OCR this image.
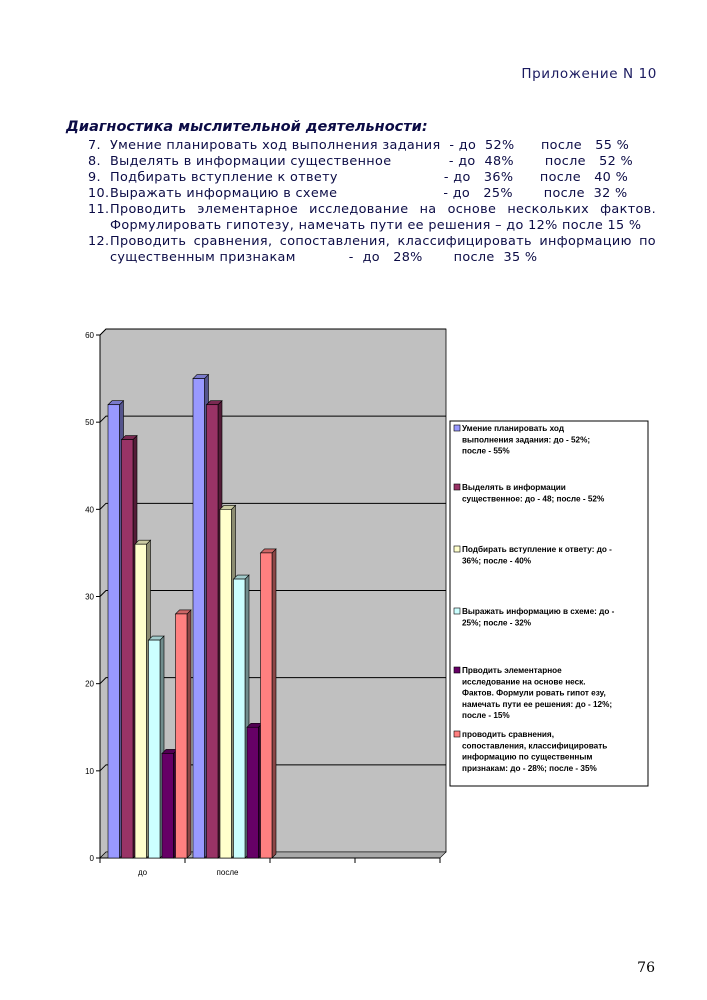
Приложение N 10
Диагностика мыслительной деятельности:
7. Умение планировать ход выполнения задания  - до  52%      после   55 %
8. Выделять в информации существенное             - до  48%       после   52 %
9. Подбирать вступление к ответу                        - до   36%      после   40 %
10. Выражать информацию в схеме                        - до   25%       после  32 %
11. Проводить элементарное исследование на основе нескольких фактов. Формулировать гипотезу, намечать пути ее решения – до 12% после 15 %
12. Проводить сравнения, сопоставления, классифицировать информацию по существенным признакам            -  до   28%       после  35 %
0
10
20
30
40
50
60
до	после
Умение планировать ход выполнения задания: до - 52%; после - 55%
Выделять в информации существенное: до - 48; после - 52%
Подбирать вступление к ответу: до -36%; после - 40%
Выражать информацию в схеме: до -25%; после - 32%
Прводить элементарное исследование на основе неск. Фактов. Формули ровать гипот езу, намечать пути ее решения: до - 12%; после - 15%
проводить сравнения, сопоставления, классифицировать информацию по существенным признакам: до - 28%; после - 35%
76
